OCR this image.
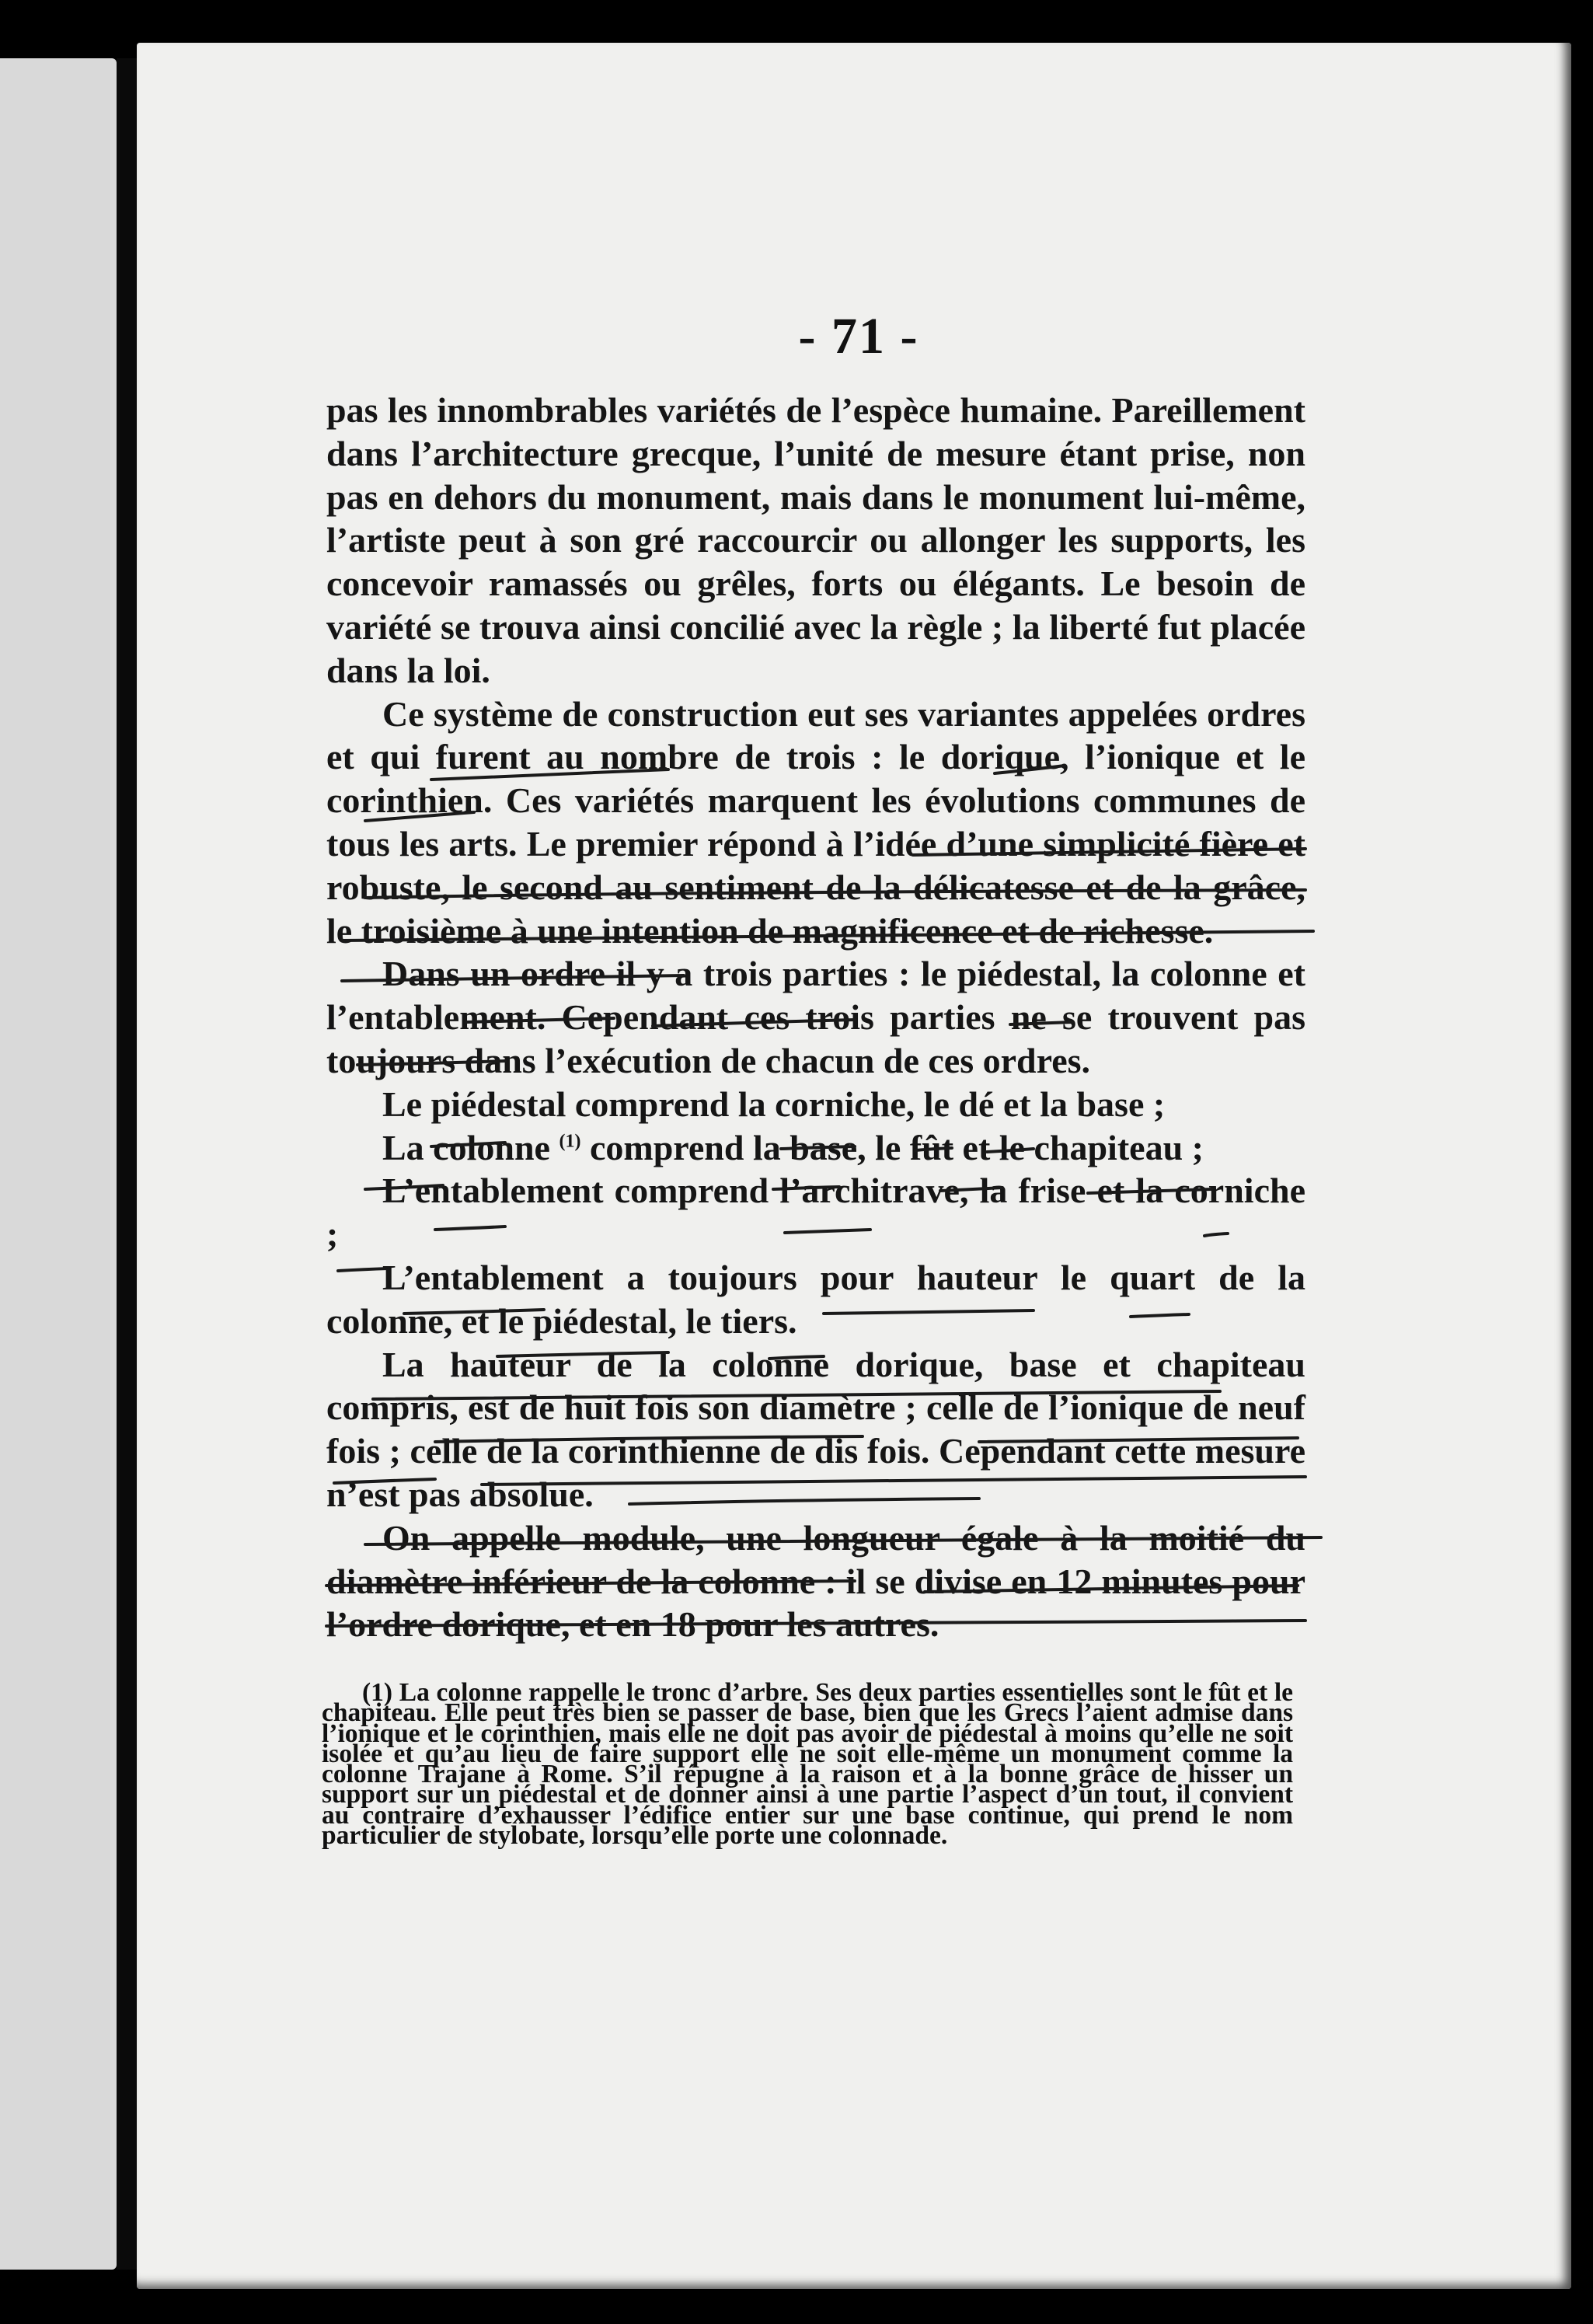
- 71 -

pas les innombrables variétés de l’espèce humaine. Pareillement dans l’architecture grecque, l’unité de mesure étant prise, non pas en dehors du monument, mais dans le monument lui-même, l’artiste peut à son gré raccourcir ou allonger les supports, les concevoir ramassés ou grêles, forts ou élégants. Le besoin de variété se trouva ainsi concilié avec la règle ; la liberté fut placée dans la loi.

Ce système de construction eut ses variantes appelées ordres et qui furent au nombre de trois : le dorique, l’ionique et le corinthien. Ces variétés marquent les évolutions communes de tous les arts. Le premier répond à l’idée d’une simplicité fière et robuste, le second au sentiment de la délicatesse et de la grâce, le troisième à une intention de magnificence et de richesse.

Dans un ordre il y a trois parties : le piédestal, la colonne et l’entablement. Cependant ces trois parties ne se trouvent pas toujours dans l’exécution de chacun de ces ordres.

Le piédestal comprend la corniche, le dé et la base ;

La colonne $^{(1)}$ comprend la base, le fût et le chapiteau ;

L’entablement comprend l’architrave, la frise et la corniche ;

L’entablement a toujours pour hauteur le quart de la colonne, et le piédestal, le tiers.

La hauteur de la colonne dorique, base et chapiteau compris, est de huit fois son diamètre ; celle de l’ionique de neuf fois ; celle de la corinthienne de dis fois. Cependant cette mesure n’est pas absolue.

On appelle module, une longueur égale à la moitié du diamètre inférieur de la colonne : il se divise en 12 minutes pour l’ordre dorique, et en 18 pour les autres.

(1) La colonne rappelle le tronc d’arbre. Ses deux parties essentielles sont le fût et le chapiteau. Elle peut très bien se passer de base, bien que les Grecs l’aient admise dans l’ionique et le corinthien, mais elle ne doit pas avoir de piédestal à moins qu’elle ne soit isolée et qu’au lieu de faire support elle ne soit elle-même un monument comme la colonne Trajane à Rome. S’il répugne à la raison et à la bonne grâce de hisser un support sur un piédestal et de donner ainsi à une partie l’aspect d’un tout, il convient au contraire d’exhausser l’édifice entier sur une base continue, qui prend le nom particulier de stylobate, lorsqu’elle porte une colonnade.
